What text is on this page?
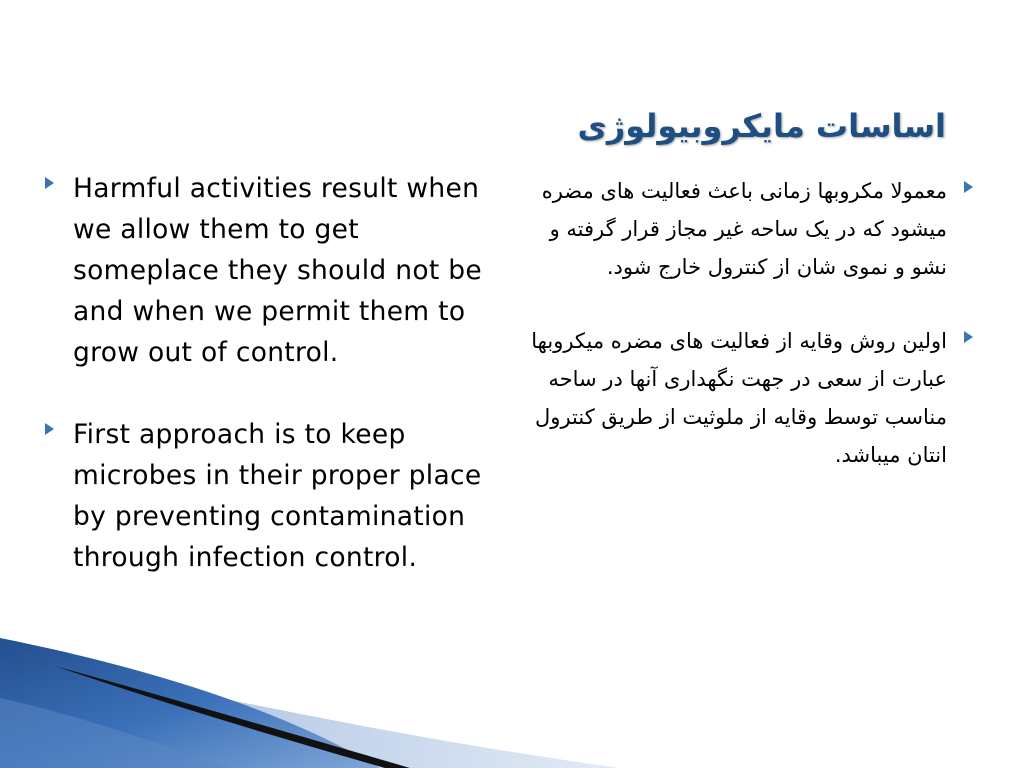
اساسات مایکروبیولوژی
Harmful activities result when we allow them to get someplace they should not be and when we permit them to grow out of control.
First approach is to keep microbes in their proper place by preventing contamination through infection control.
معمولا مکروبها زمانی باعث فعالیت های مضره میشود که در یک ساحه غیر مجاز قرار گرفته و نشو و نموی شان از کنترول خارج شود.
اولین روش وقایه از فعالیت های مضره میکروبها عبارت از سعی در جهت نگهداری آنها در ساحه مناسب توسط وقایه از ملوثیت از طریق کنترول انتان میباشد.
